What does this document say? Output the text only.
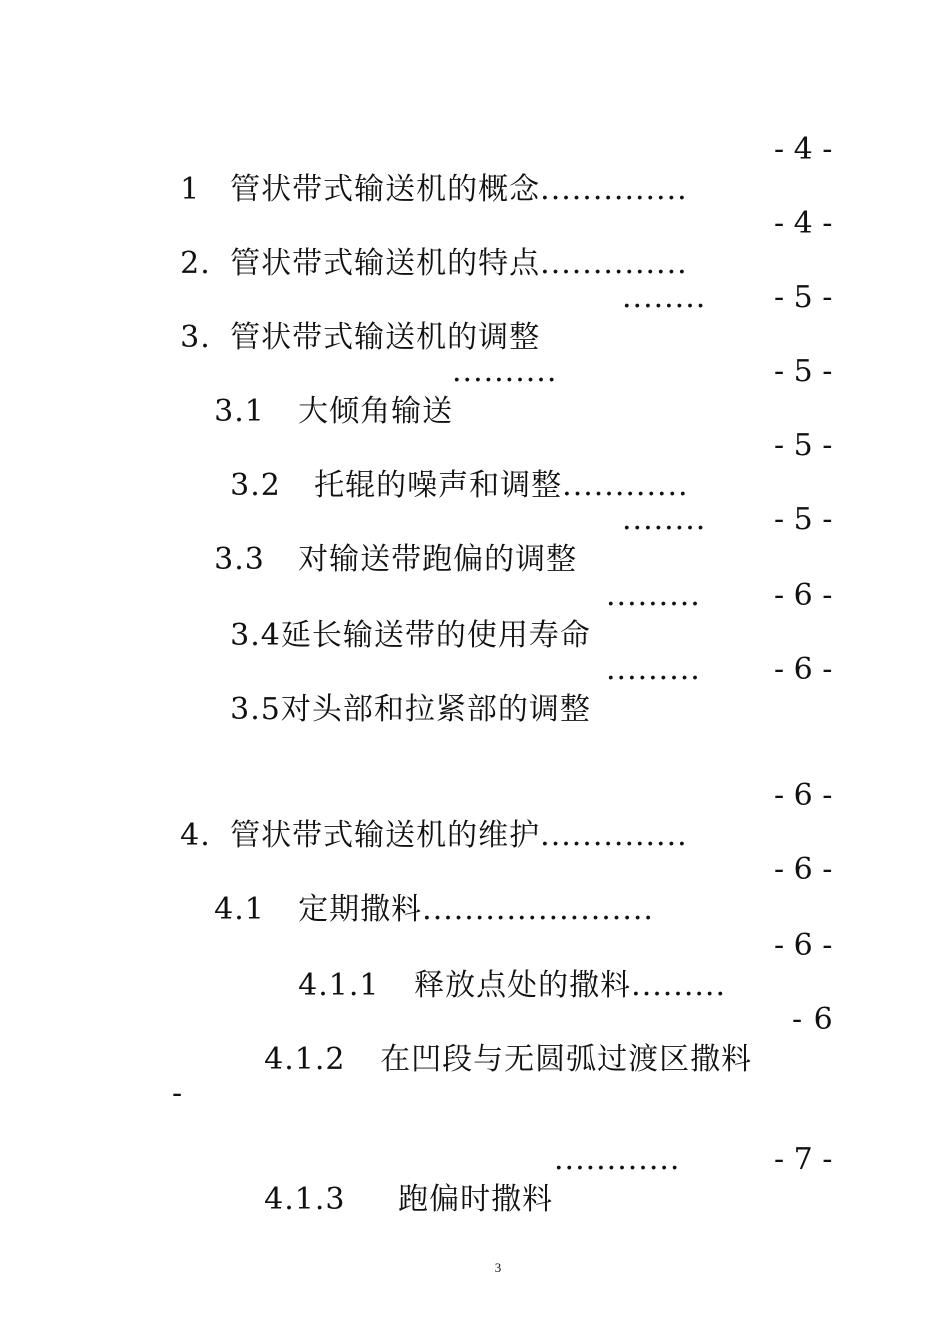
1 管状带式输送机的概念..............

- 4 -

2. 管状带式输送机的特点..............

- 4 -

3. 管状带式输送机的调整

........ - 5 -

3.1 大倾角输送

..........	- 5 -

3.2 托辊的噪声和调整............

- 5 -

3.3 对输送带跑偏的调整

........ - 5 -

3.4延长输送带的使用寿命

......... - 6 -

3.5对头部和拉紧部的调整

......... - 6 -

4. 管状带式输送机的维护..............

- 6 -

4.1 定期撒料......................

- 6 -

4.1.1 释放点处的撒料.........

- 6 -

4.1.2 在凹段与无圆弧过渡区撒料

- 6
-

4.1.3 跑偏时撒料

............	- 7 -
3
